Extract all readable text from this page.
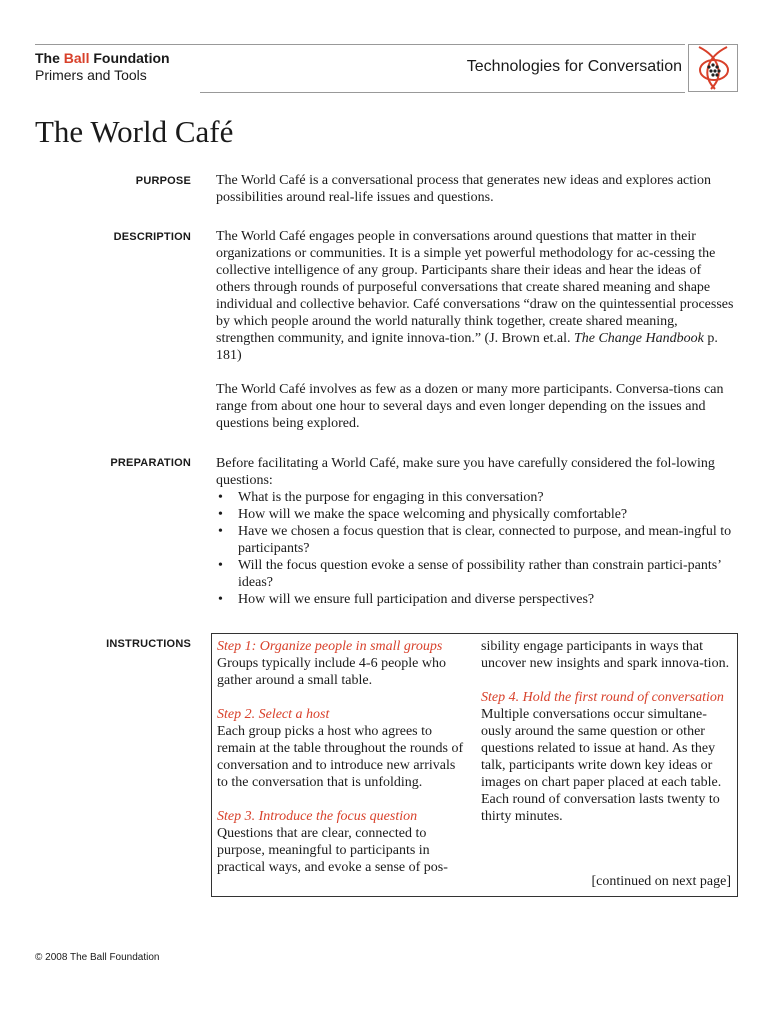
The Ball Foundation
Primers and Tools	Technologies for Conversation
The World Café
PURPOSE The World Café is a conversational process that generates new ideas and explores action possibilities around real-life issues and questions.

DESCRIPTION The World Café engages people in conversations around questions that matter in their organizations or communities. It is a simple yet powerful methodology for ac-cessing the collective intelligence of any group. Participants share their ideas and hear the ideas of others through rounds of purposeful conversations that create shared meaning and shape individual and collective behavior. Café conversations “draw on the quintessential processes by which people around the world naturally think together, create shared meaning, strengthen community, and ignite innova-tion.” (J. Brown et.al. The Change Handbook p. 181)

The World Café involves as few as a dozen or many more participants. Conversa-tions can range from about one hour to several days and even longer depending on the issues and questions being explored.

PREPARATION Before facilitating a World Café, make sure you have carefully considered the fol-lowing questions:

• What is the purpose for engaging in this conversation?
• How will we make the space welcoming and physically comfortable?
• Have we chosen a focus question that is clear, connected to purpose, and mean-ingful to participants?
• Will the focus question evoke a sense of possibility rather than constrain partici-pants’ ideas?
• How will we ensure full participation and diverse perspectives?
INSTRUCTIONS Step 1: Organize people in small groups

Groups typically include 4-6 people who gather around a small table.

Step 2. Select a host

Each group picks a host who agrees to remain at the table throughout the rounds of conversation and to introduce new arrivals to the conversation that is unfolding.

Step 3. Introduce the focus question

Questions that are clear, connected to purpose, meaningful to participants in practical ways, and evoke a sense of pos-

sibility engage participants in ways that uncover new insights and spark innova-tion.

Step 4. Hold the first round of conversation

Multiple conversations occur simultane-ously around the same question or other questions related to issue at hand. As they talk, participants write down key ideas or images on chart paper placed at each table. Each round of conversation lasts twenty to thirty minutes.

[continued on next page]
© 2008 The Ball Foundation
